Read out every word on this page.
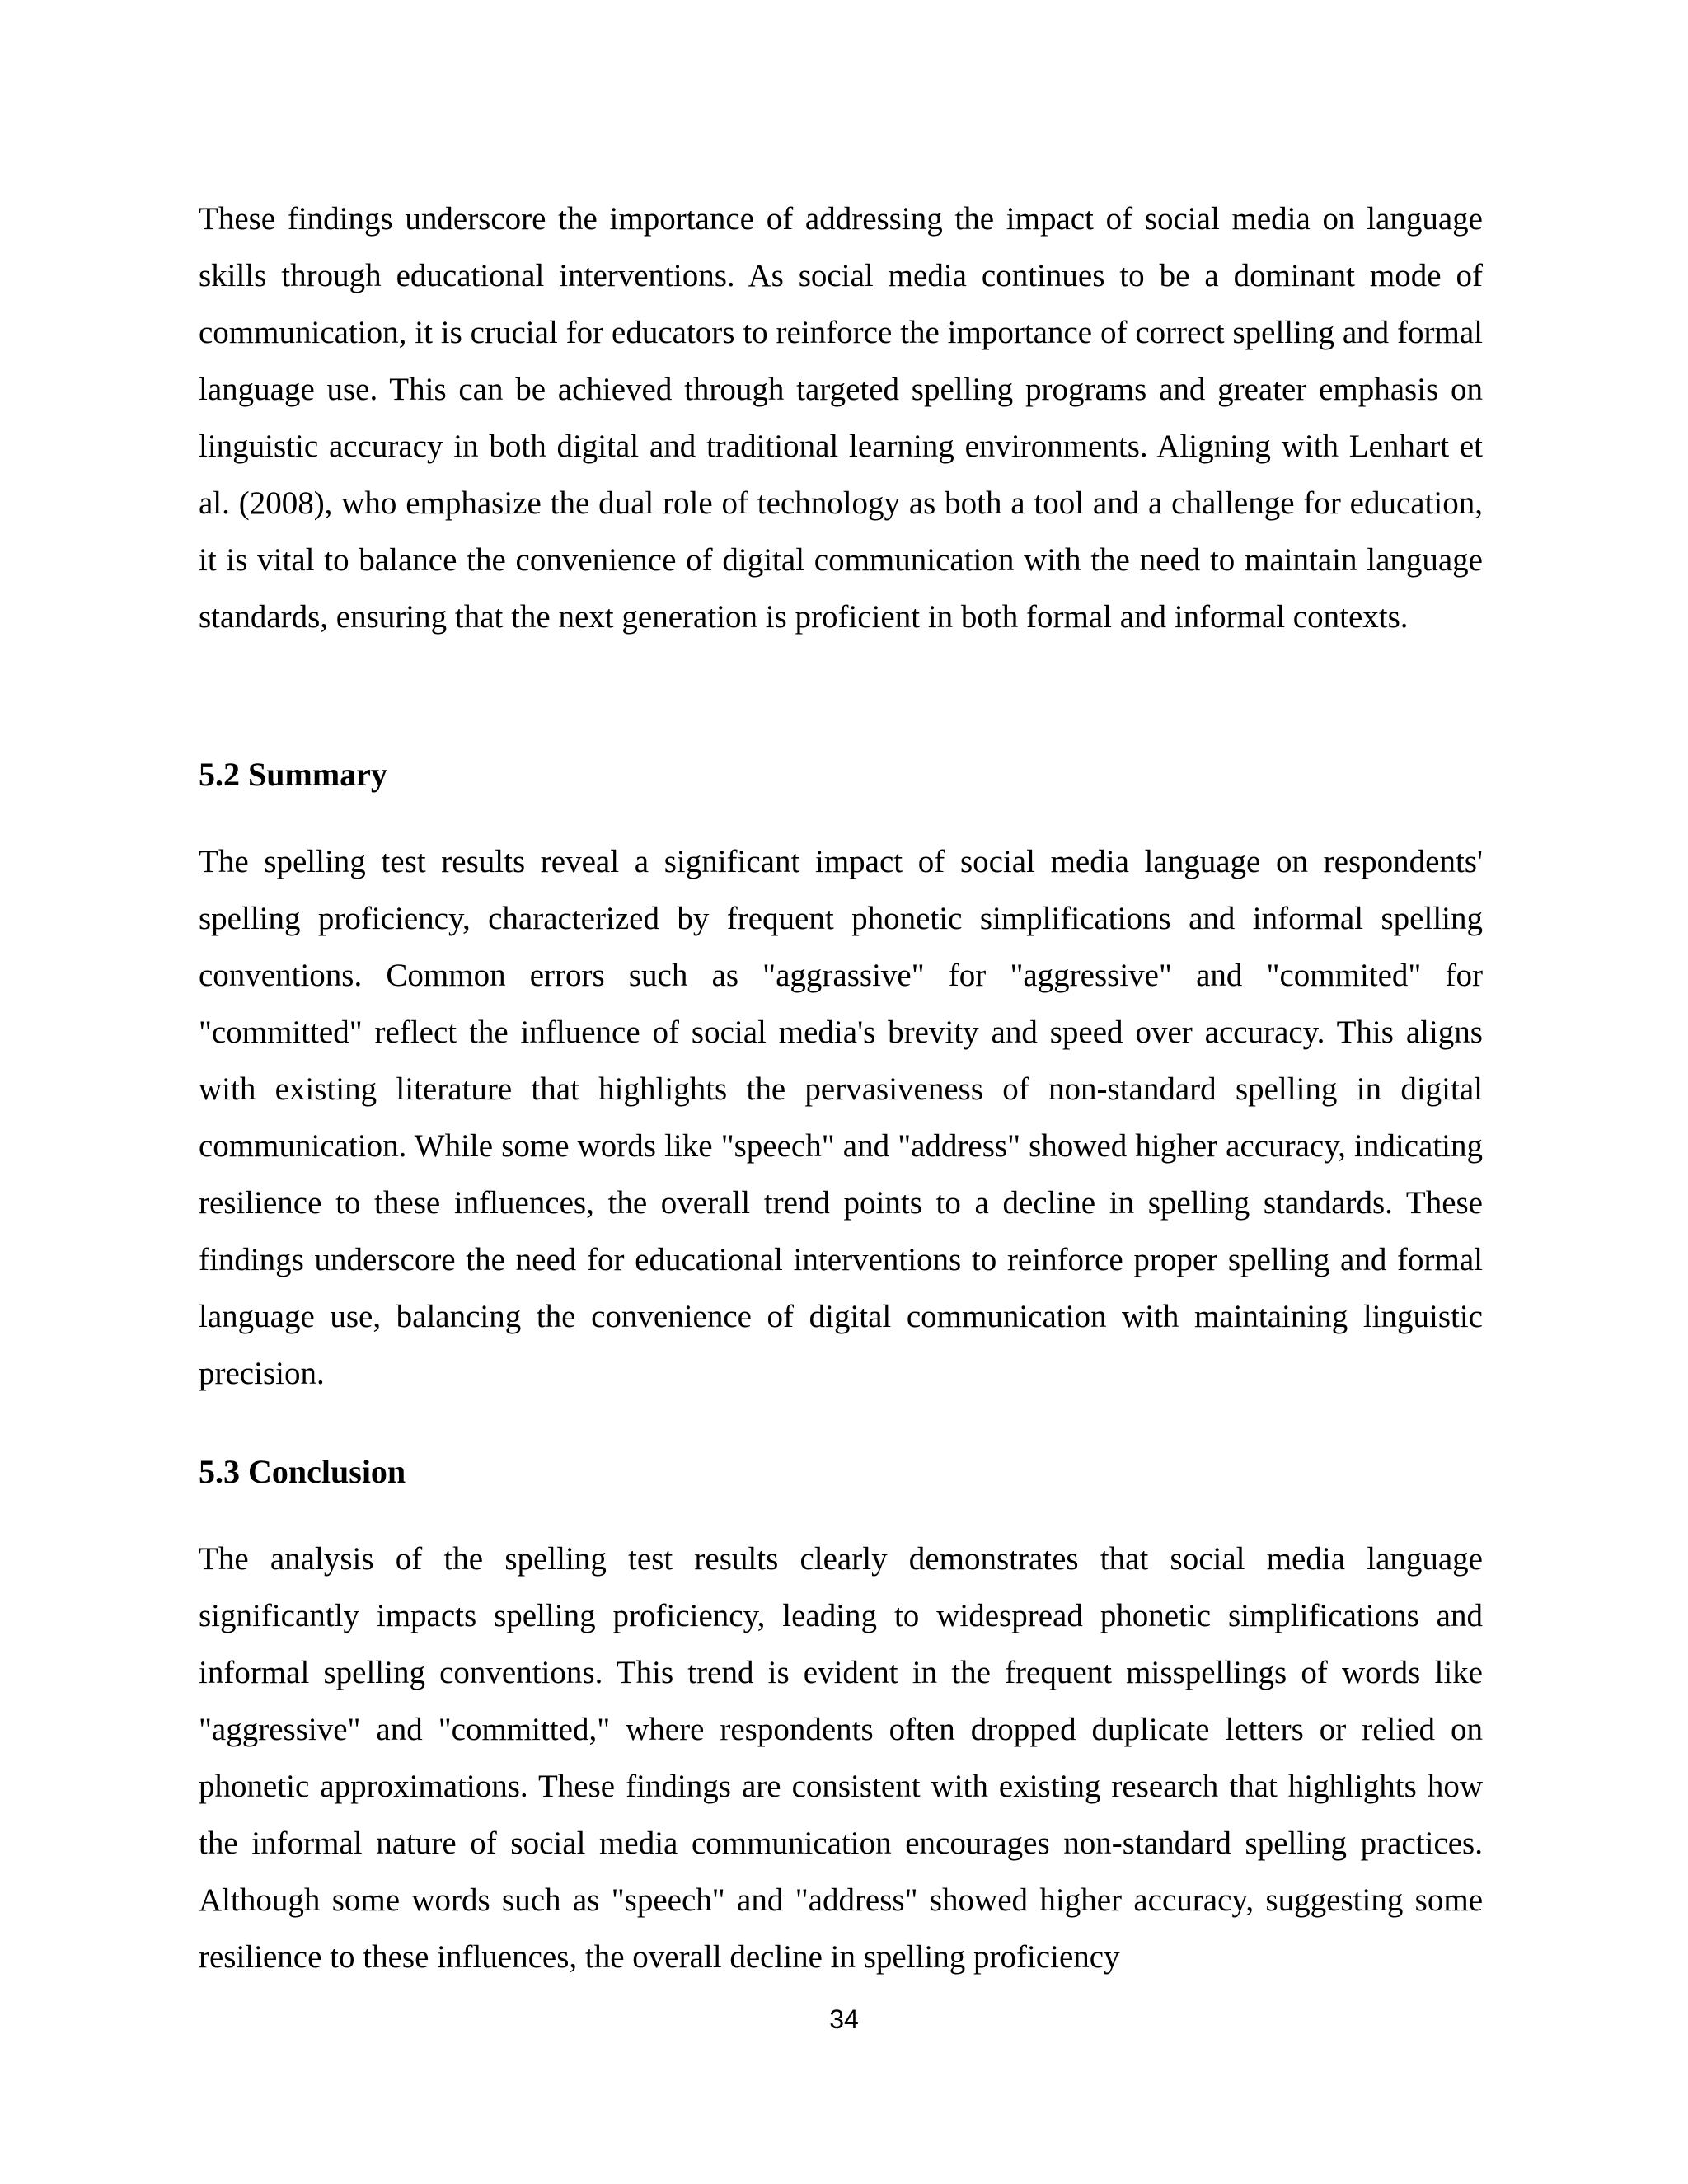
These findings underscore the importance of addressing the impact of social media on language skills through educational interventions. As social media continues to be a dominant mode of communication, it is crucial for educators to reinforce the importance of correct spelling and formal language use. This can be achieved through targeted spelling programs and greater emphasis on linguistic accuracy in both digital and traditional learning environments. Aligning with Lenhart et al. (2008), who emphasize the dual role of technology as both a tool and a challenge for education, it is vital to balance the convenience of digital communication with the need to maintain language standards, ensuring that the next generation is proficient in both formal and informal contexts.

5.2 Summary

The spelling test results reveal a significant impact of social media language on respondents' spelling proficiency, characterized by frequent phonetic simplifications and informal spelling conventions. Common errors such as "aggrassive" for "aggressive" and "commited" for "committed" reflect the influence of social media's brevity and speed over accuracy. This aligns with existing literature that highlights the pervasiveness of non-standard spelling in digital communication. While some words like "speech" and "address" showed higher accuracy, indicating resilience to these influences, the overall trend points to a decline in spelling standards. These findings underscore the need for educational interventions to reinforce proper spelling and formal language use, balancing the convenience of digital communication with maintaining linguistic precision.

5.3 Conclusion

The analysis of the spelling test results clearly demonstrates that social media language significantly impacts spelling proficiency, leading to widespread phonetic simplifications and informal spelling conventions. This trend is evident in the frequent misspellings of words like "aggressive" and "committed," where respondents often dropped duplicate letters or relied on phonetic approximations. These findings are consistent with existing research that highlights how the informal nature of social media communication encourages non-standard spelling practices. Although some words such as "speech" and "address" showed higher accuracy, suggesting some resilience to these influences, the overall decline in spelling proficiency

34
